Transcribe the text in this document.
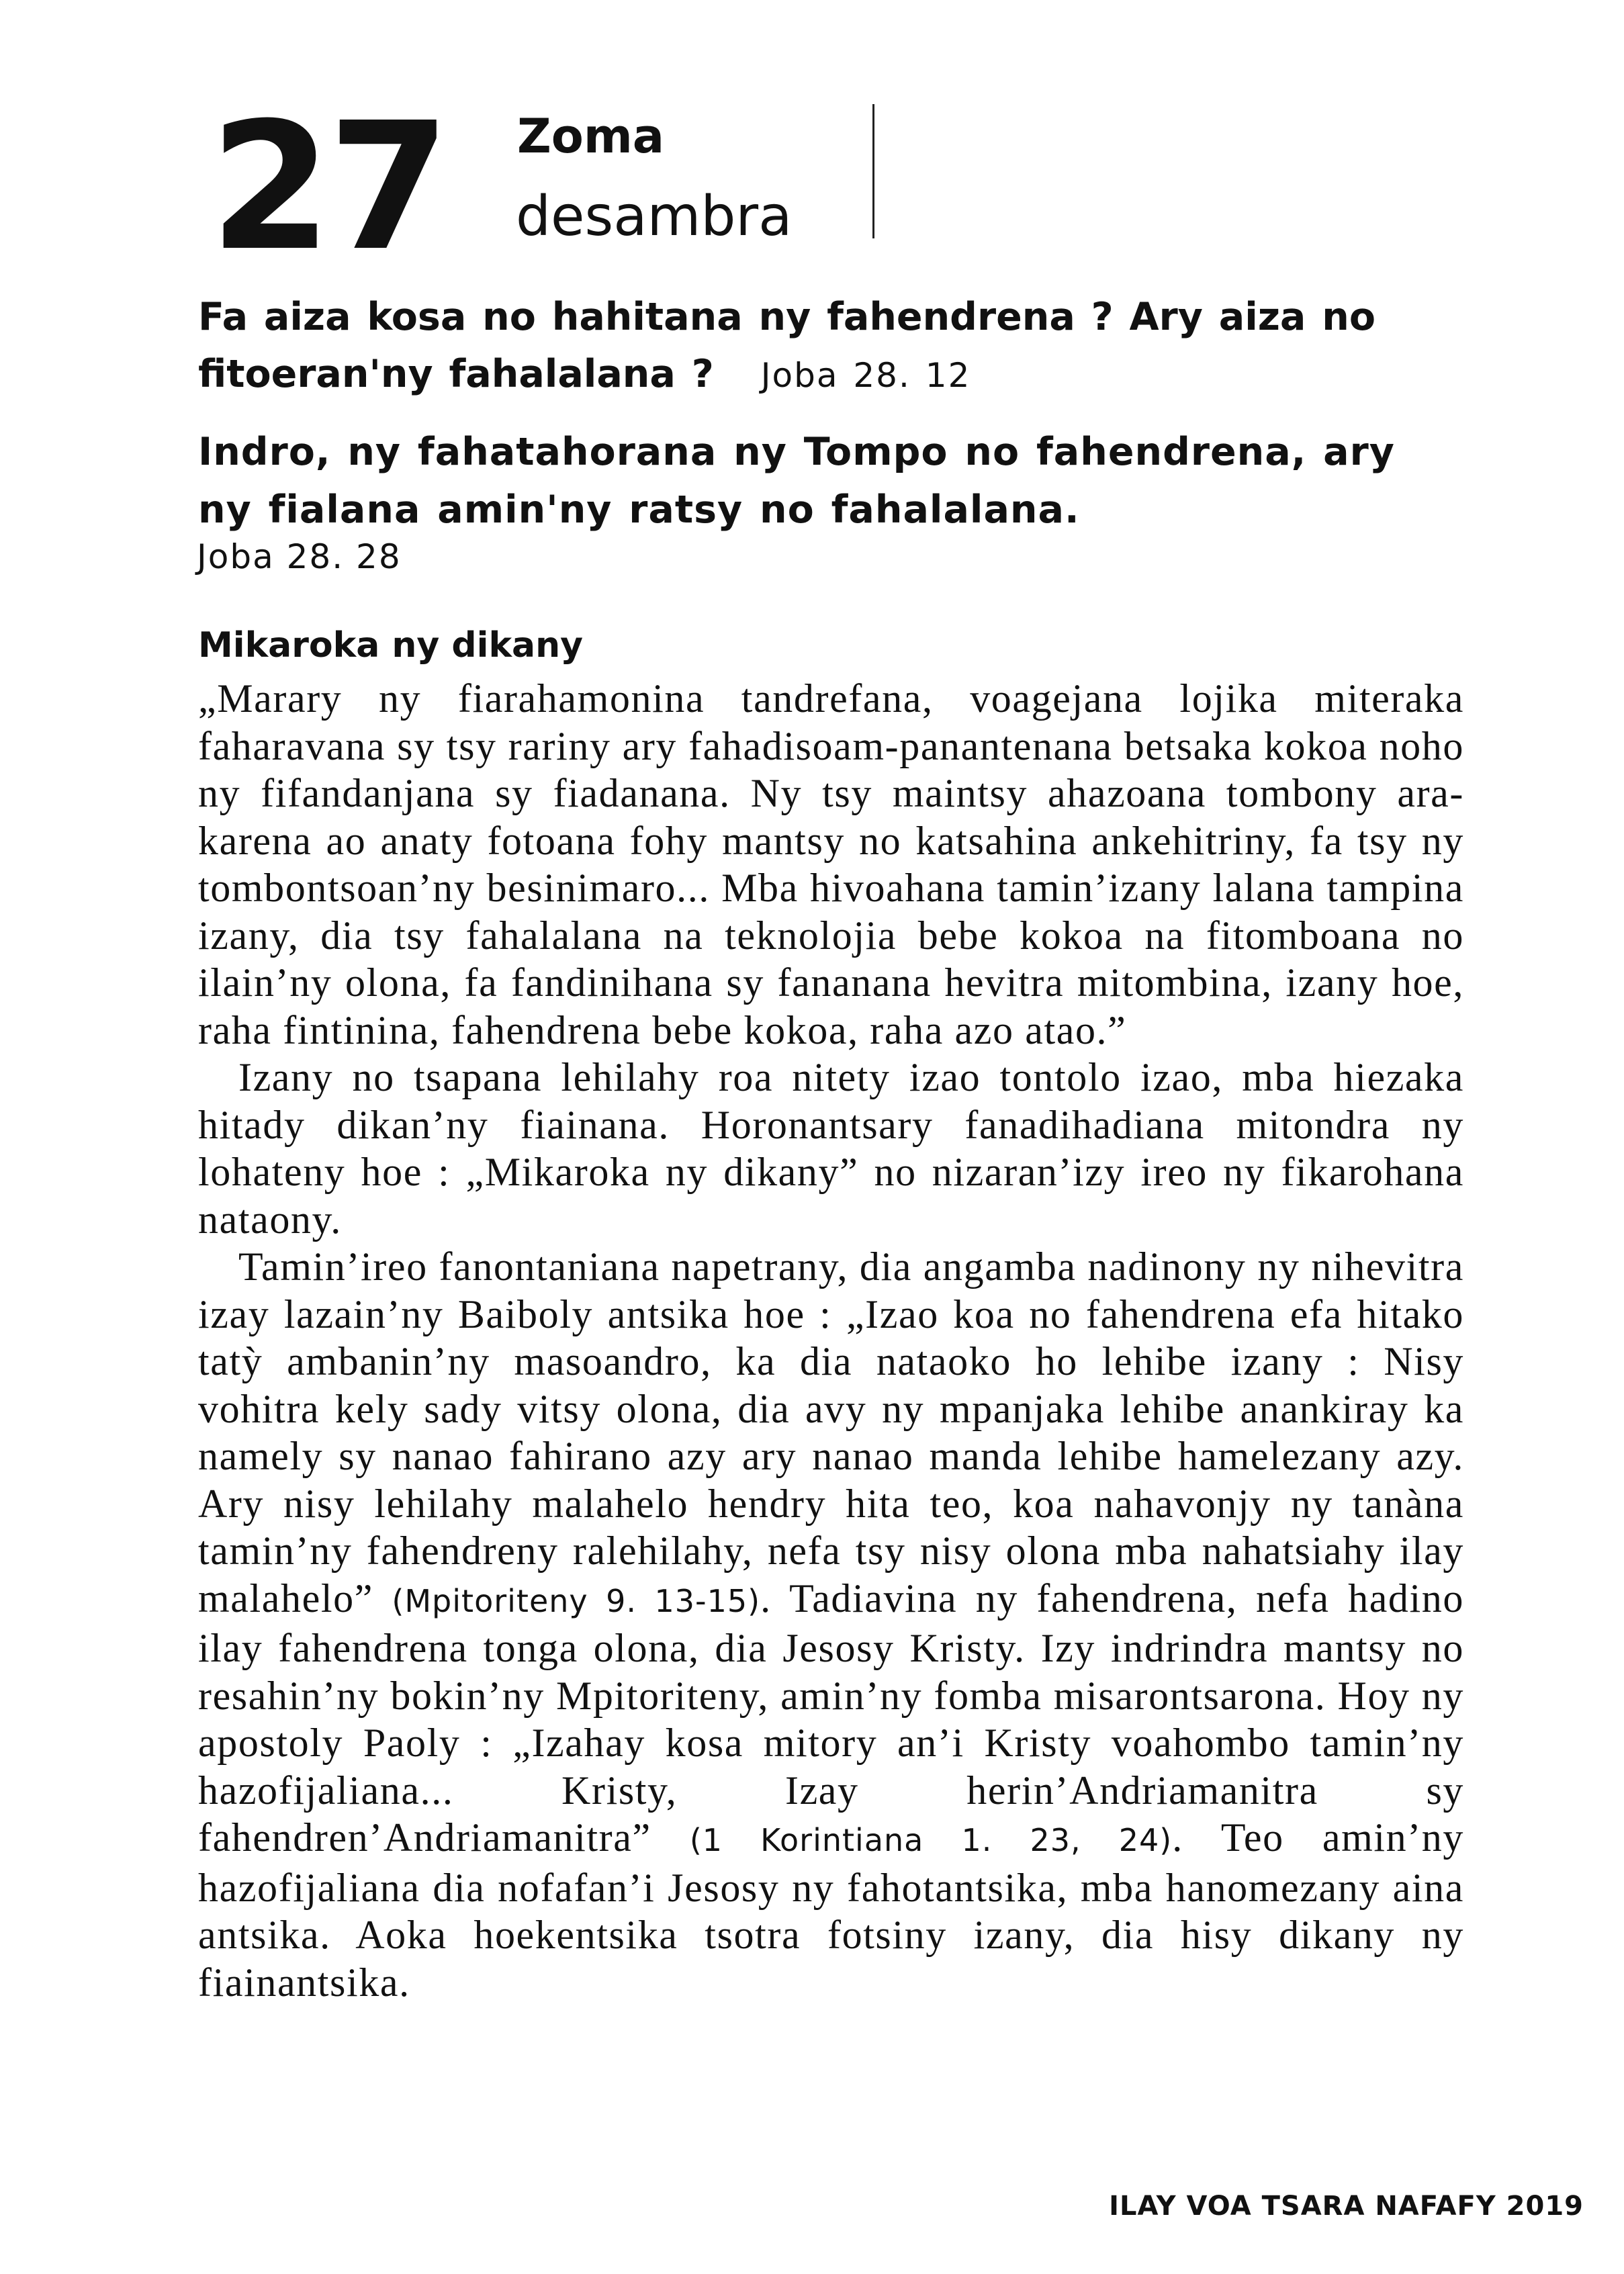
27 Zoma
desambra
Fa aiza kosa no hahitana ny fahendrena ? Ary aiza no fitoeran'ny fahalalana ? Joba 28. 12
Indro, ny fahatahorana ny Tompo no fahendrena, ary ny fialana amin'ny ratsy no fahalalana.
Joba 28. 28
Mikaroka ny dikany

„Marary ny fiarahamonina tandrefana, voagejana lojika miteraka faharavana sy tsy rariny ary fahadisoam-panantenana betsaka kokoa noho ny fifandanjana sy fiadanana. Ny tsy maintsy ahazoana tombony ara-karena ao anaty fotoana fohy mantsy no katsahina ankehitriny, fa tsy ny tombontsoan’ny besinimaro... Mba hivoahana tamin’izany lalana tampina izany, dia tsy fahalalana na teknolojia bebe kokoa na fitomboana no ilain’ny olona, fa fandinihana sy fananana hevitra mitombina, izany hoe, raha fintinina, fahendrena bebe kokoa, raha azo atao.”

Izany no tsapana lehilahy roa nitety izao tontolo izao, mba hiezaka hitady dikan’ny fiainana. Horonantsary fanadihadiana mitondra ny lohateny hoe : „Mikaroka ny dikany” no nizaran’izy ireo ny fikarohana nataony.

Tamin’ireo fanontaniana napetrany, dia angamba nadinony ny nihevitra izay lazain’ny Baiboly antsika hoe : „Izao koa no fahendrena efa hitako tatỳ ambanin’ny masoandro, ka dia nataoko ho lehibe izany : Nisy vohitra kely sady vitsy olona, dia avy ny mpanjaka lehibe anankiray ka namely sy nanao fahirano azy ary nanao manda lehibe hamelezany azy. Ary nisy lehilahy malahelo hendry hita teo, koa nahavonjy ny tanàna tamin’ny fahendreny ralehilahy, nefa tsy nisy olona mba nahatsiahy ilay malahelo” (Mpitoriteny 9. 13-15). Tadiavina ny fahendrena, nefa hadino ilay fahendrena tonga olona, dia Jesosy Kristy. Izy indrindra mantsy no resahin’ny bokin’ny Mpitoriteny, amin’ny fomba misarontsarona. Hoy ny apostoly Paoly : „Izahay kosa mitory an’i Kristy voahombo tamin’ny hazofijaliana... Kristy, Izay herin’Andriamanitra sy fahendren’Andriamanitra” (1 Korintiana 1. 23, 24). Teo amin’ny hazofijaliana dia nofafan’i Jesosy ny fahotantsika, mba hanomezany aina antsika. Aoka hoekentsika tsotra fotsiny izany, dia hisy dikany ny fiainantsika.

ILAY VOA TSARA NAFAFY 2019
